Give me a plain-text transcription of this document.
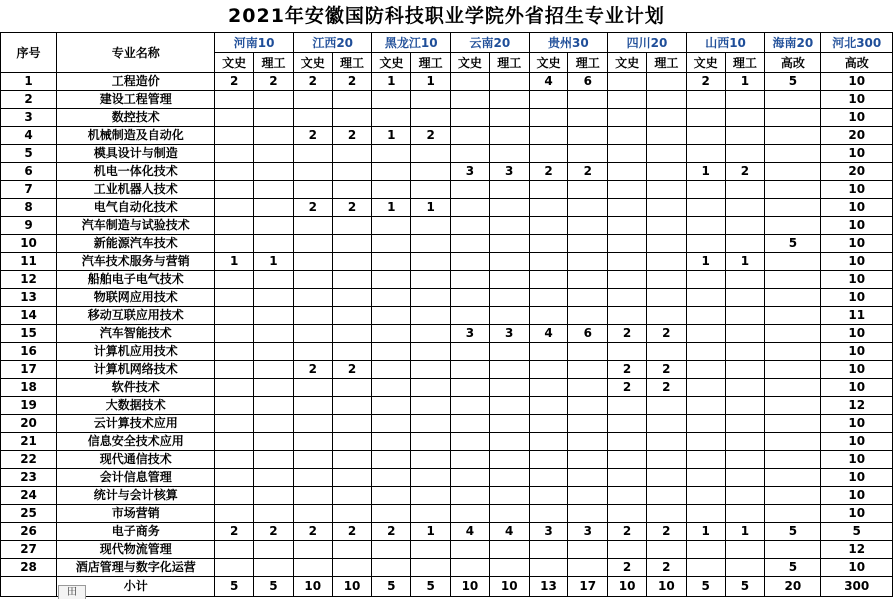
2021年安徽国防科技职业学院外省招生专业计划
序号	专业名称	河南10		江西20		黑龙江10		云南20		贵州30		四川20		山西10		海南20	河北300
		文史	理工	文史	理工	文史	理工	文史	理工	文史	理工	文史	理工	文史	理工	高改	高改
1	工程造价	2	2	2	2	1	1			4	6			2	1	5	10
2	建设工程管理																10
3	数控技术																10
4	机械制造及自动化			2	2	1	2										20
5	模具设计与制造																10
6	机电一体化技术							3	3	2	2			1	2		20
7	工业机器人技术																10
8	电气自动化技术			2	2	1	1										10
9	汽车制造与试验技术																10
10	新能源汽车技术															5	10
11	汽车技术服务与营销	1	1											1	1		10
12	船舶电子电气技术																10
13	物联网应用技术																10
14	移动互联应用技术																11
15	汽车智能技术							3	3	4	6	2	2				10
16	计算机应用技术																10
17	计算机网络技术			2	2							2	2				10
18	软件技术											2	2				10
19	大数据技术																12
20	云计算技术应用																10
21	信息安全技术应用																10
22	现代通信技术																10
23	会计信息管理																10
24	统计与会计核算																10
25	市场营销																10
26	电子商务	2	2	2	2	2	1	4	4	3	3	2	2	1	1	5	5
27	现代物流管理																12
28	酒店管理与数字化运营											2	2			5	10
	小计	5	5	10	10	5	5	10	10	13	17	10	10	5	5	20	300
田
